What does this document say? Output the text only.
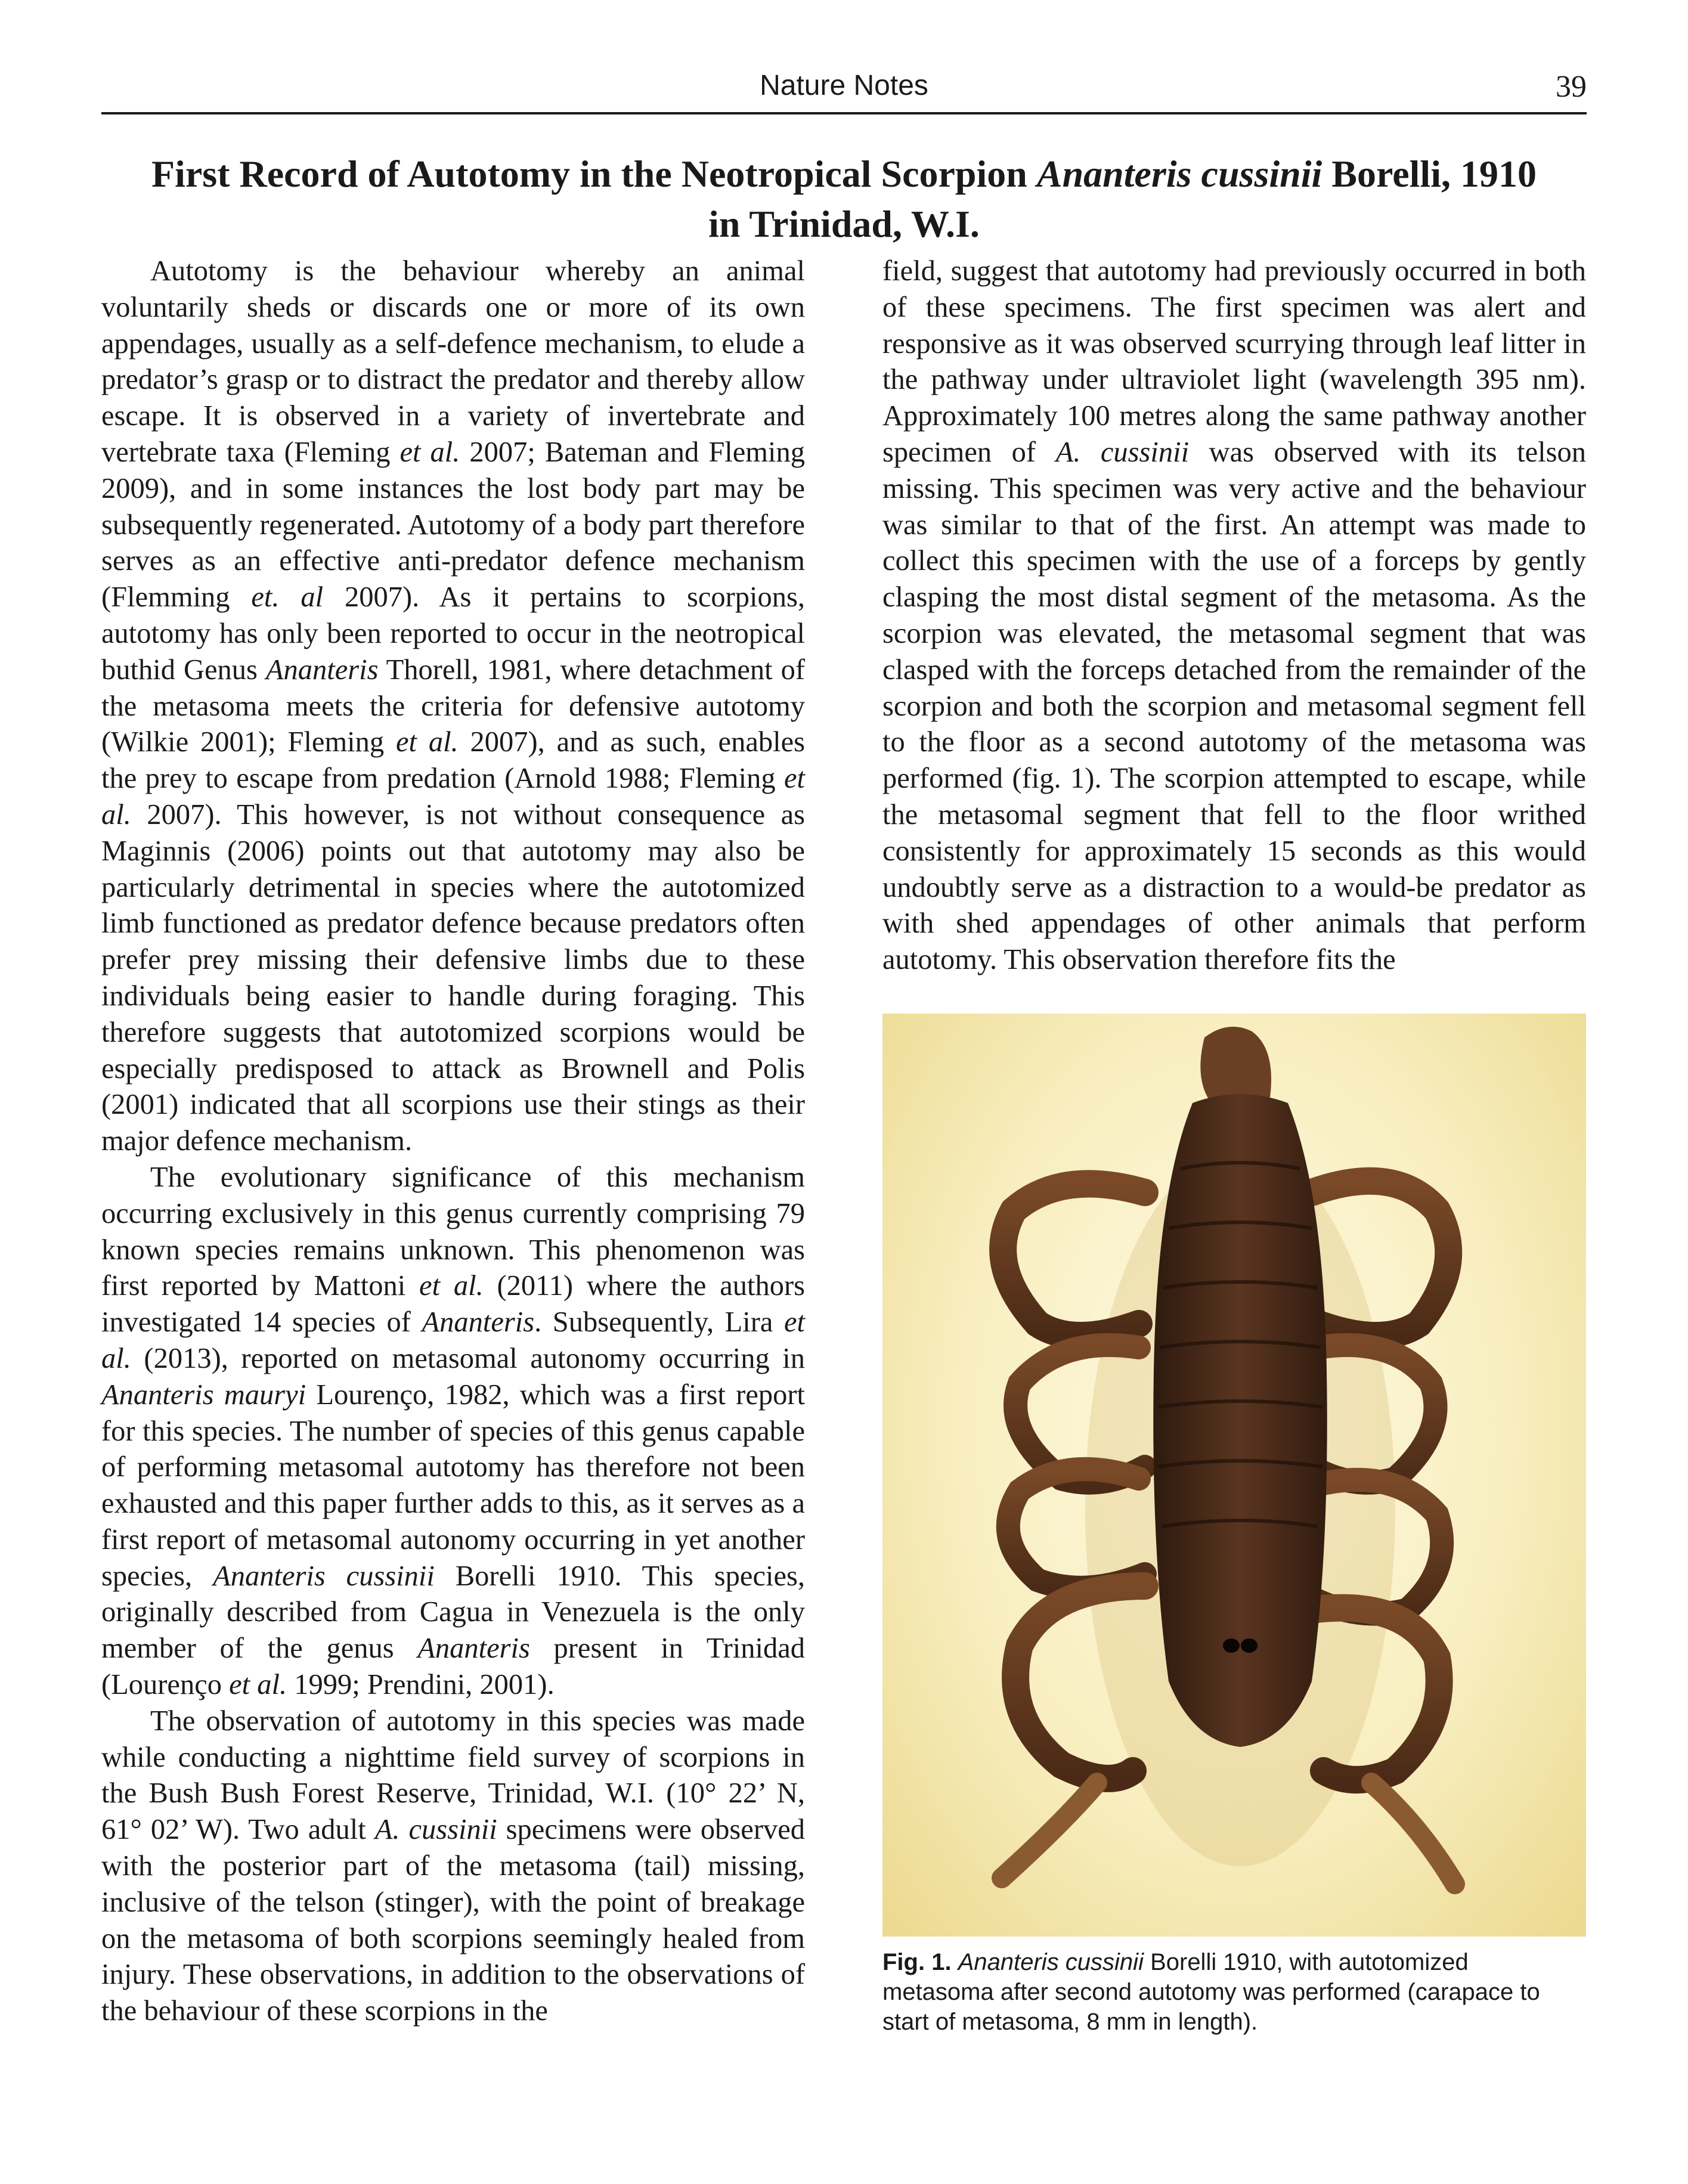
Nature Notes	39
First Record of Autotomy in the Neotropical Scorpion Ananteris cussinii Borelli, 1910
in Trinidad, W.I.

Autotomy is the behaviour whereby an animal voluntarily sheds or discards one or more of its own appendages, usually as a self-defence mechanism, to elude a predator’s grasp or to distract the predator and thereby allow escape. It is observed in a variety of invertebrate and vertebrate taxa (Fleming et al. 2007; Bateman and Fleming 2009), and in some instances the lost body part may be subsequently regenerated. Autotomy of a body part therefore serves as an effective anti-predator defence mechanism (Flemming et. al 2007). As it pertains to scorpions, autotomy has only been reported to occur in the neotropical buthid Genus Ananteris Thorell, 1981, where detachment of the metasoma meets the criteria for defensive autotomy (Wilkie 2001); Fleming et al. 2007), and as such, enables the prey to escape from predation (Arnold 1988; Fleming et al. 2007). This however, is not without consequence as Maginnis (2006) points out that autotomy may also be particularly detrimental in species where the autotomized limb functioned as predator defence because predators often prefer prey missing their defensive limbs due to these individuals being easier to handle during foraging. This therefore suggests that autotomized scorpions would be especially predisposed to attack as Brownell and Polis (2001) indicated that all scorpions use their stings as their major defence mechanism.

The evolutionary significance of this mechanism occurring exclusively in this genus currently comprising 79 known species remains unknown. This phenomenon was first reported by Mattoni et al. (2011) where the authors investigated 14 species of Ananteris. Subsequently, Lira et al. (2013), reported on metasomal autonomy occurring in Ananteris mauryi Lourenço, 1982, which was a first report for this species. The number of species of this genus capable of performing metasomal autotomy has therefore not been exhausted and this paper further adds to this, as it serves as a first report of metasomal autonomy occurring in yet another species, Ananteris cussinii Borelli 1910. This species, originally described from Cagua in Venezuela is the only member of the genus Ananteris present in Trinidad (Lourenço et al. 1999; Prendini, 2001).

The observation of autotomy in this species was made while conducting a nighttime field survey of scorpions in the Bush Bush Forest Reserve, Trinidad, W.I. (10° 22’ N, 61° 02’ W). Two adult A. cussinii specimens were observed with the posterior part of the metasoma (tail) missing, inclusive of the telson (stinger), with the point of breakage on the metasoma of both scorpions seemingly healed from injury. These observations, in addition to the observations of the behaviour of these scorpions in the

field, suggest that autotomy had previously occurred in both of these specimens. The first specimen was alert and responsive as it was observed scurrying through leaf litter in the pathway under ultraviolet light (wavelength 395 nm). Approximately 100 metres along the same pathway another specimen of A. cussinii was observed with its telson missing. This specimen was very active and the behaviour was similar to that of the first. An attempt was made to collect this specimen with the use of a forceps by gently clasping the most distal segment of the metasoma. As the scorpion was elevated, the metasomal segment that was clasped with the forceps detached from the remainder of the scorpion and both the scorpion and metasomal segment fell to the floor as a second autotomy of the metasoma was performed (fig. 1). The scorpion attempted to escape, while the metasomal segment that fell to the floor writhed consistently for approximately 15 seconds as this would undoubtly serve as a distraction to a would-be predator as with shed appendages of other animals that perform autotomy. This observation therefore fits the

Fig. 1. Ananteris cussinii Borelli 1910, with autotomized metasoma after second autotomy was performed (carapace to start of metasoma, 8 mm in length).
